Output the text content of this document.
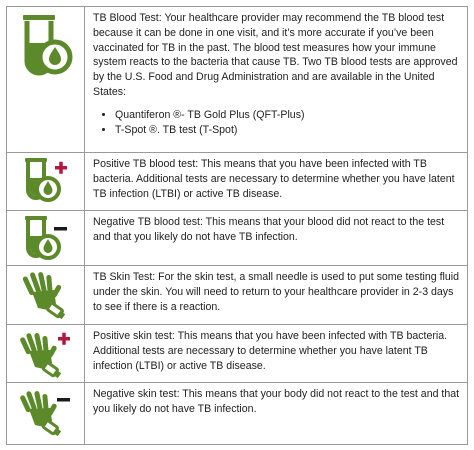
TB Blood Test: Your healthcare provider may recommend the TB blood test because it can be done in one visit, and it’s more accurate if you’ve been vaccinated for TB in the past. The blood test measures how your immune system reacts to the bacteria that cause TB. Two TB blood tests are approved by the U.S. Food and Drug Administration and are available in the United States:

• Quantiferon ®- TB Gold Plus (QFT-Plus)
• T-Spot ®. TB test (T-Spot)

Positive TB blood test: This means that you have been infected with TB bacteria. Additional tests are necessary to determine whether you have latent TB infection (LTBI) or active TB disease.

Negative TB blood test: This means that your blood did not react to the test and that you likely do not have TB infection.

TB Skin Test: For the skin test, a small needle is used to put some testing fluid under the skin. You will need to return to your healthcare provider in 2-3 days to see if there is a reaction.

Positive skin test: This means that you have been infected with TB bacteria. Additional tests are necessary to determine whether you have latent TB infection (LTBI) or active TB disease.

Negative skin test: This means that your body did not react to the test and that you likely do not have TB infection.
